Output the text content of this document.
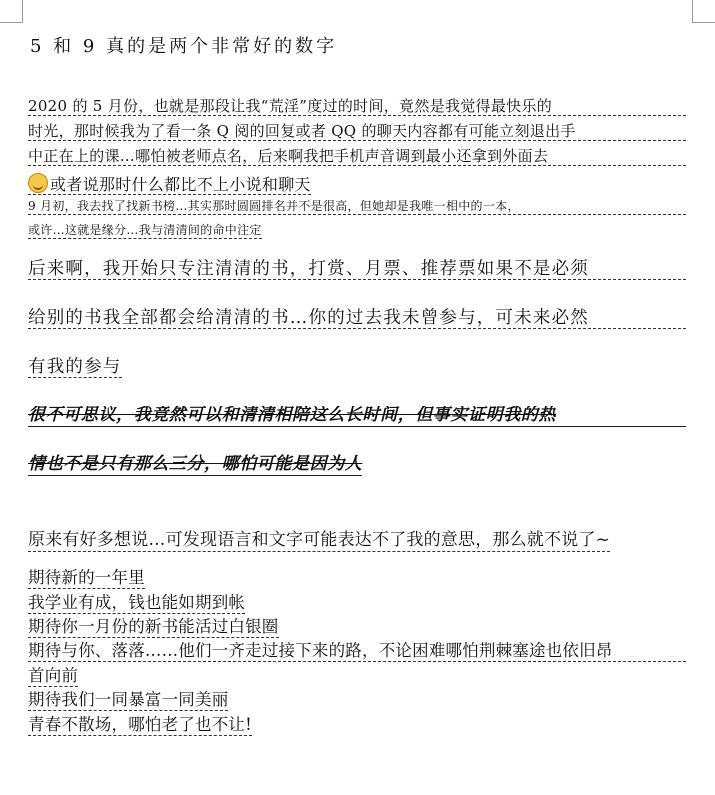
5 和 9 真的是两个非常好的数字
2020 的 5 月份，也就是那段让我“荒淫”度过的时间，竟然是我觉得最快乐的
时光，那时候我为了看一条 Q 阅的回复或者 QQ 的聊天内容都有可能立刻退出手
中正在上的课…哪怕被老师点名，后来啊我把手机声音调到最小还拿到外面去
或者说那时什么都比不上小说和聊天
9 月初，我去找了找新书榜…其实那时圆圆排名并不是很高，但她却是我唯一相中的一本，
或许…这就是缘分…我与清清间的命中注定
后来啊，我开始只专注清清的书，打赏、月票、推荐票如果不是必须
给别的书我全部都会给清清的书…你的过去我未曾参与，可未来必然
有我的参与
很不可思议，我竟然可以和清清相陪这么长时间，但事实证明我的热
情也不是只有那么三分，哪怕可能是因为人
原来有好多想说…可发现语言和文字可能表达不了我的意思，那么就不说了~
期待新的一年里
我学业有成，钱也能如期到帐
期待你一月份的新书能活过白银圈
期待与你、落落……他们一齐走过接下来的路，不论困难哪怕荆棘塞途也依旧昂
首向前
期待我们一同暴富一同美丽
青春不散场，哪怕老了也不让!
